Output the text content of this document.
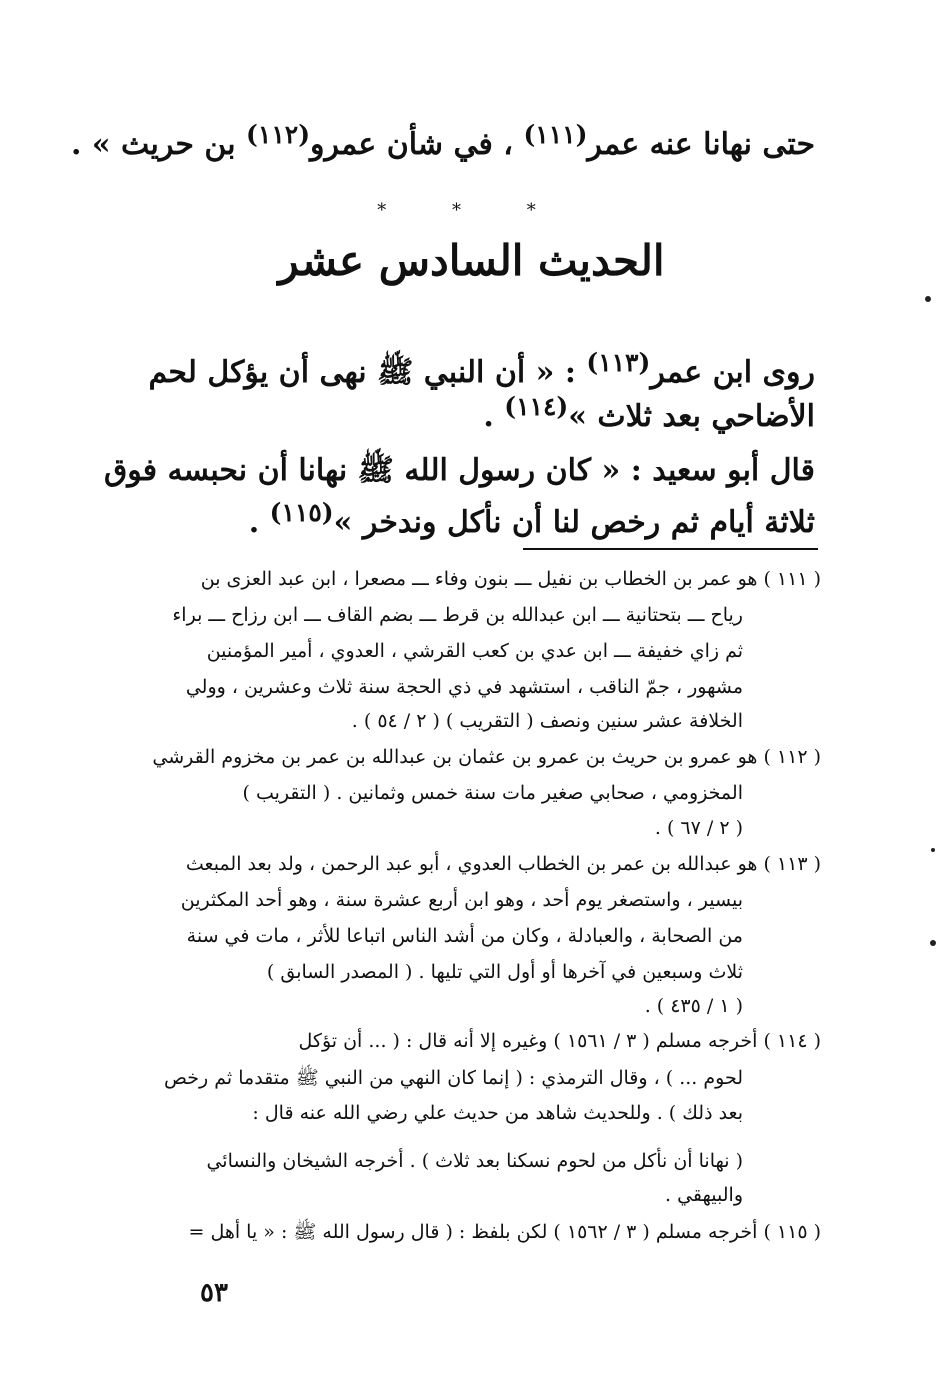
حتى نهانا عنه عمر$^{(١١١)}$ ، في شأن عمرو$^{(١١٢)}$ بن حريث » .
* * *
الحديث السادس عشر
روى ابن عمر$^{(١١٣)}$ : « أن النبي ﷺ نهى أن يؤكل لحم
الأضاحي بعد ثلاث »$^{(١١٤)}$ .
قال أبو سعيد : « كان رسول الله ﷺ نهانا أن نحبسه فوق
ثلاثة أيام ثم رخص لنا أن نأكل وندخر »$^{(١١٥)}$ .
( ١١١ ) هو عمر بن الخطاب بن نفيل ـــ بنون وفاء ـــ مصعرا ، ابن عبد العزى بن
رياح ـــ بتحتانية ـــ ابن عبدالله بن قرط ـــ بضم القاف ـــ ابن رزاح ـــ براء
ثم زاي خفيفة ـــ ابن عدي بن كعب القرشي ، العدوي ، أمير المؤمنين
مشهور ، جمّ الناقب ، استشهد في ذي الحجة سنة ثلاث وعشرين ، وولي
الخلافة عشر سنين ونصف ( التقريب ) ( ٢ / ٥٤ ) .
( ١١٢ ) هو عمرو بن حريث بن عمرو بن عثمان بن عبدالله بن عمر بن مخزوم القرشي
المخزومي ، صحابي صغير مات سنة خمس وثمانين . ( التقريب )
( ٢ / ٦٧ ) .
( ١١٣ ) هو عبدالله بن عمر بن الخطاب العدوي ، أبو عبد الرحمن ، ولد بعد المبعث
بيسير ، واستصغر يوم أحد ، وهو ابن أربع عشرة سنة ، وهو أحد المكثرين
من الصحابة ، والعبادلة ، وكان من أشد الناس اتباعا للأثر ، مات في سنة
ثلاث وسبعين في آخرها أو أول التي تليها . ( المصدر السابق )
( ١ / ٤٣٥ ) .
( ١١٤ ) أخرجه مسلم ( ٣ / ١٥٦١ ) وغيره إلا أنه قال : ( ... أن تؤكل
لحوم ... ) ، وقال الترمذي : ( إنما كان النهي من النبي ﷺ متقدما ثم رخص
بعد ذلك ) . وللحديث شاهد من حديث علي رضي الله عنه قال :
( نهانا أن نأكل من لحوم نسكنا بعد ثلاث ) . أخرجه الشيخان والنسائي
والبيهقي .
( ١١٥ ) أخرجه مسلم ( ٣ / ١٥٦٢ ) لكن بلفظ : ( قال رسول الله ﷺ : « يا أهل =
٥٣
